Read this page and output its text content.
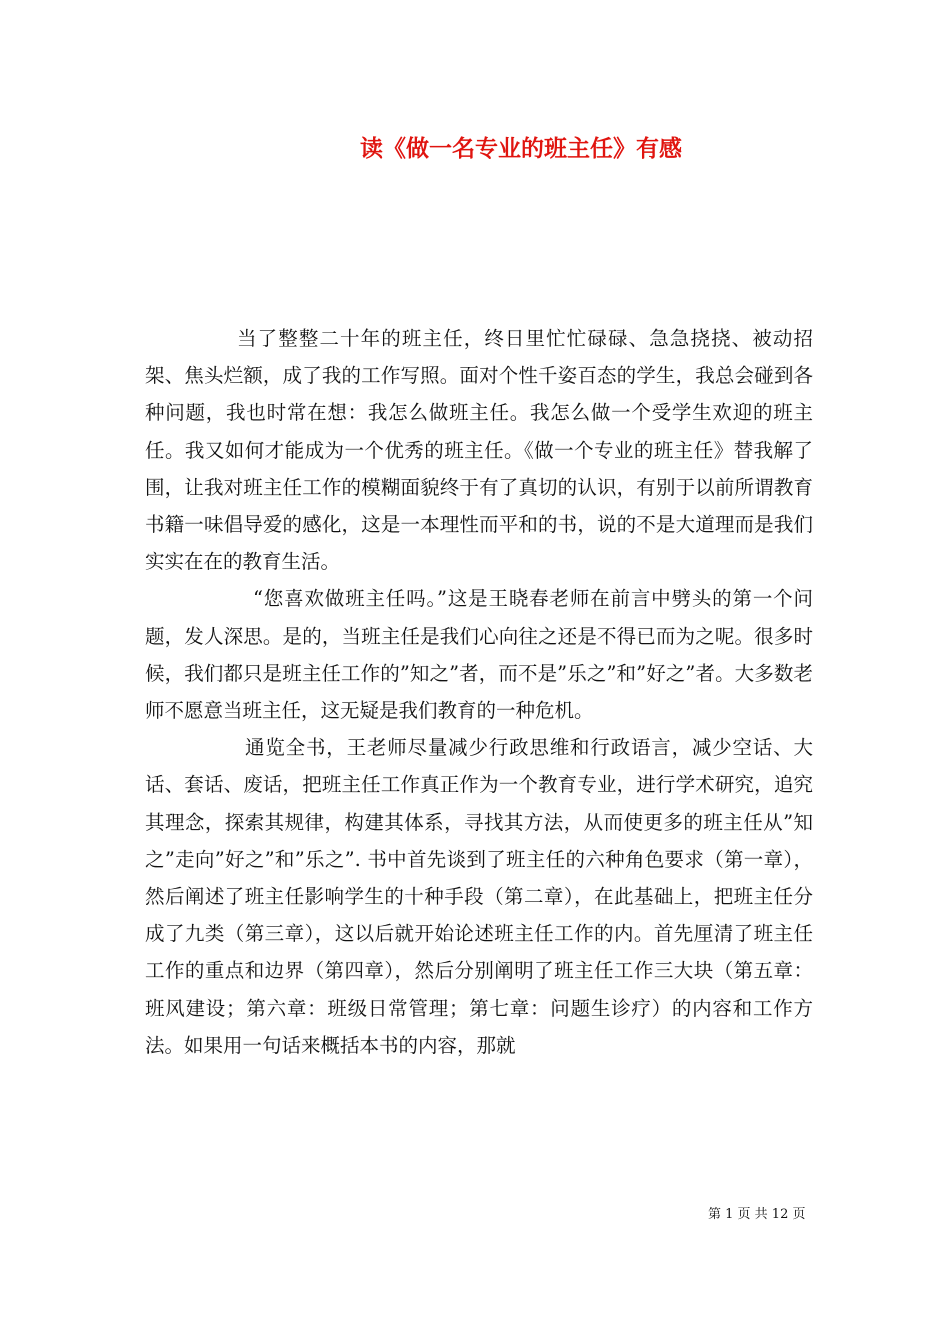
读《做一名专业的班主任》有感

当了整整二十年的班主任，终日里忙忙碌碌、急急挠挠、被动招架、焦头烂额，成了我的工作写照。面对个性千姿百态的学生，我总会碰到各种问题，我也时常在想：我怎么做班主任。我怎么做一个受学生欢迎的班主任。我又如何才能成为一个优秀的班主任。《做一个专业的班主任》替我解了围，让我对班主任工作的模糊面貌终于有了真切的认识，有别于以前所谓教育书籍一味倡导爱的感化，这是一本理性而平和的书，说的不是大道理而是我们实实在在的教育生活。

“您喜欢做班主任吗。”这是王晓春老师在前言中劈头的第一个问题，发人深思。是的，当班主任是我们心向往之还是不得已而为之呢。很多时候，我们都只是班主任工作的”知之”者，而不是”乐之”和”好之”者。大多数老师不愿意当班主任，这无疑是我们教育的一种危机。

通览全书，王老师尽量减少行政思维和行政语言，减少空话、大话、套话、废话，把班主任工作真正作为一个教育专业，进行学术研究，追究其理念，探索其规律，构建其体系，寻找其方法，从而使更多的班主任从”知之”走向”好之”和”乐之”. 书中首先谈到了班主任的六种角色要求（第一章），然后阐述了班主任影响学生的十种手段（第二章），在此基础上，把班主任分成了九类（第三章），这以后就开始论述班主任工作的内。首先厘清了班主任工作的重点和边界（第四章），然后分别阐明了班主任工作三大块（第五章：班风建设；第六章：班级日常管理；第七章：问题生诊疗）的内容和工作方法。如果用一句话来概括本书的内容，那就

第 1 页 共 12 页
